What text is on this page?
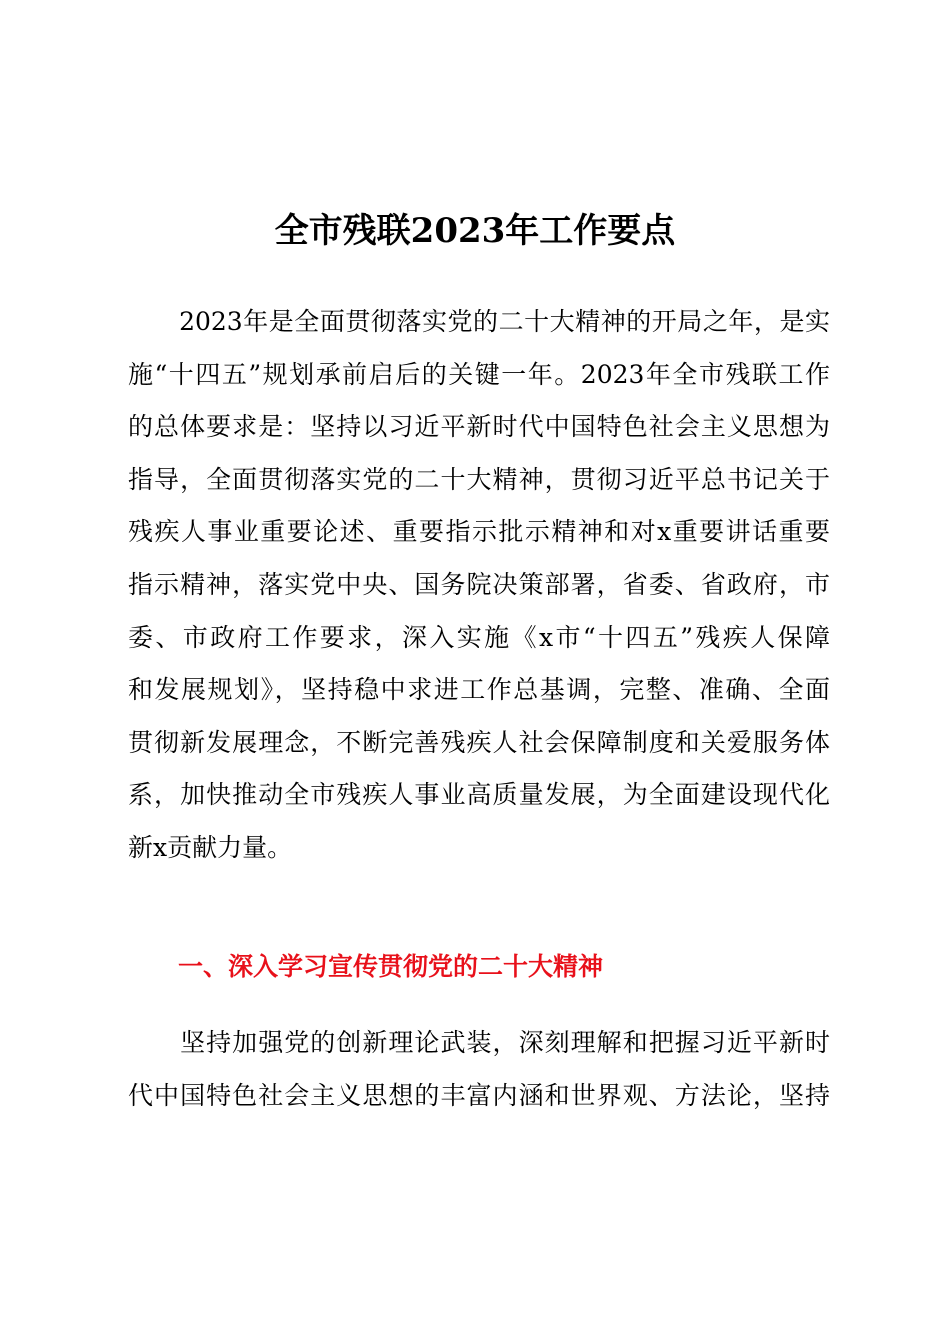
全市残联2023年工作要点
　　2023年是全面贯彻落实党的二十大精神的开局之年，是实
施“十四五”规划承前启后的关键一年。2023年全市残联工作
的总体要求是：坚持以习近平新时代中国特色社会主义思想为
指导，全面贯彻落实党的二十大精神，贯彻习近平总书记关于
残疾人事业重要论述、重要指示批示精神和对x重要讲话重要
指示精神，落实党中央、国务院决策部署，省委、省政府，市
委、市政府工作要求，深入实施《x市“十四五”残疾人保障
和发展规划》，坚持稳中求进工作总基调，完整、准确、全面
贯彻新发展理念，不断完善残疾人社会保障制度和关爱服务体
系，加快推动全市残疾人事业高质量发展，为全面建设现代化
新x贡献力量。
一、深入学习宣传贯彻党的二十大精神
　　坚持加强党的创新理论武装，深刻理解和把握习近平新时
代中国特色社会主义思想的丰富内涵和世界观、方法论，坚持
